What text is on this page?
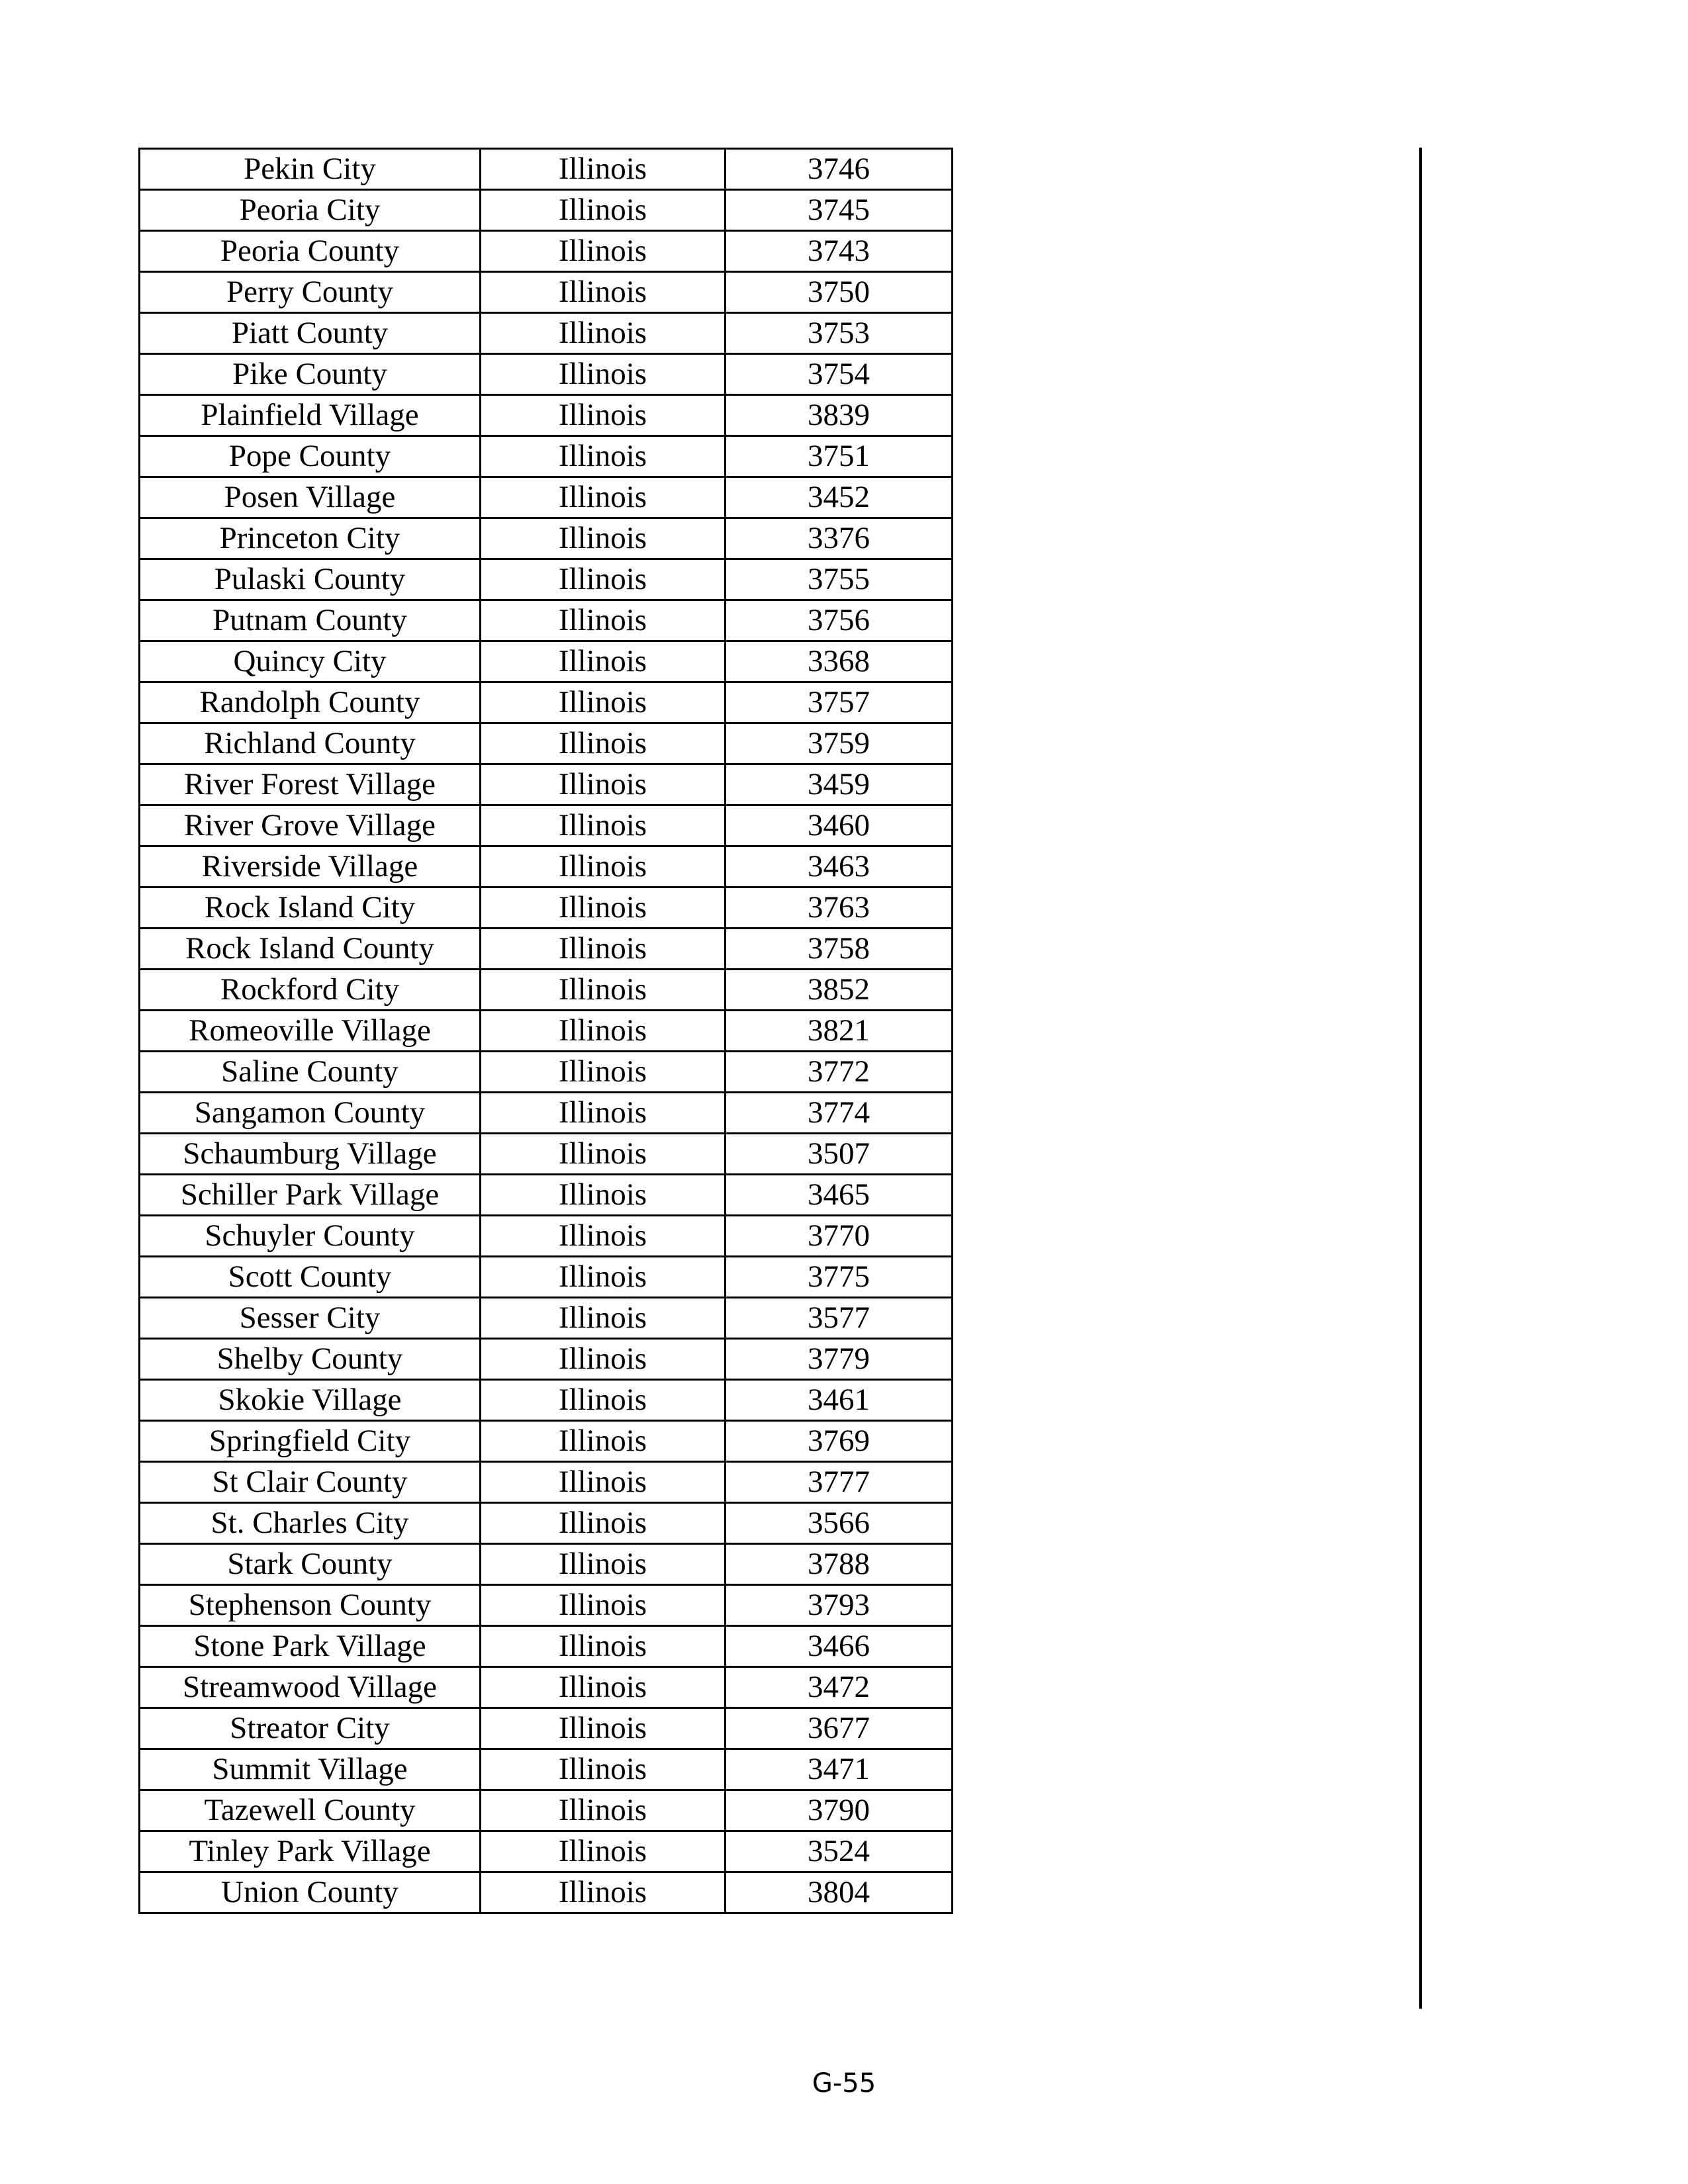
Pekin City	Illinois	3746
Peoria City	Illinois	3745
Peoria County	Illinois	3743
Perry County	Illinois	3750
Piatt County	Illinois	3753
Pike County	Illinois	3754
Plainfield Village	Illinois	3839
Pope County	Illinois	3751
Posen Village	Illinois	3452
Princeton City	Illinois	3376
Pulaski County	Illinois	3755
Putnam County	Illinois	3756
Quincy City	Illinois	3368
Randolph County	Illinois	3757
Richland County	Illinois	3759
River Forest Village	Illinois	3459
River Grove Village	Illinois	3460
Riverside Village	Illinois	3463
Rock Island City	Illinois	3763
Rock Island County	Illinois	3758
Rockford City	Illinois	3852
Romeoville Village	Illinois	3821
Saline County	Illinois	3772
Sangamon County	Illinois	3774
Schaumburg Village	Illinois	3507
Schiller Park Village	Illinois	3465
Schuyler County	Illinois	3770
Scott County	Illinois	3775
Sesser City	Illinois	3577
Shelby County	Illinois	3779
Skokie Village	Illinois	3461
Springfield City	Illinois	3769
St Clair County	Illinois	3777
St. Charles City	Illinois	3566
Stark County	Illinois	3788
Stephenson County	Illinois	3793
Stone Park Village	Illinois	3466
Streamwood Village	Illinois	3472
Streator City	Illinois	3677
Summit Village	Illinois	3471
Tazewell County	Illinois	3790
Tinley Park Village	Illinois	3524
Union County	Illinois	3804
G-55
